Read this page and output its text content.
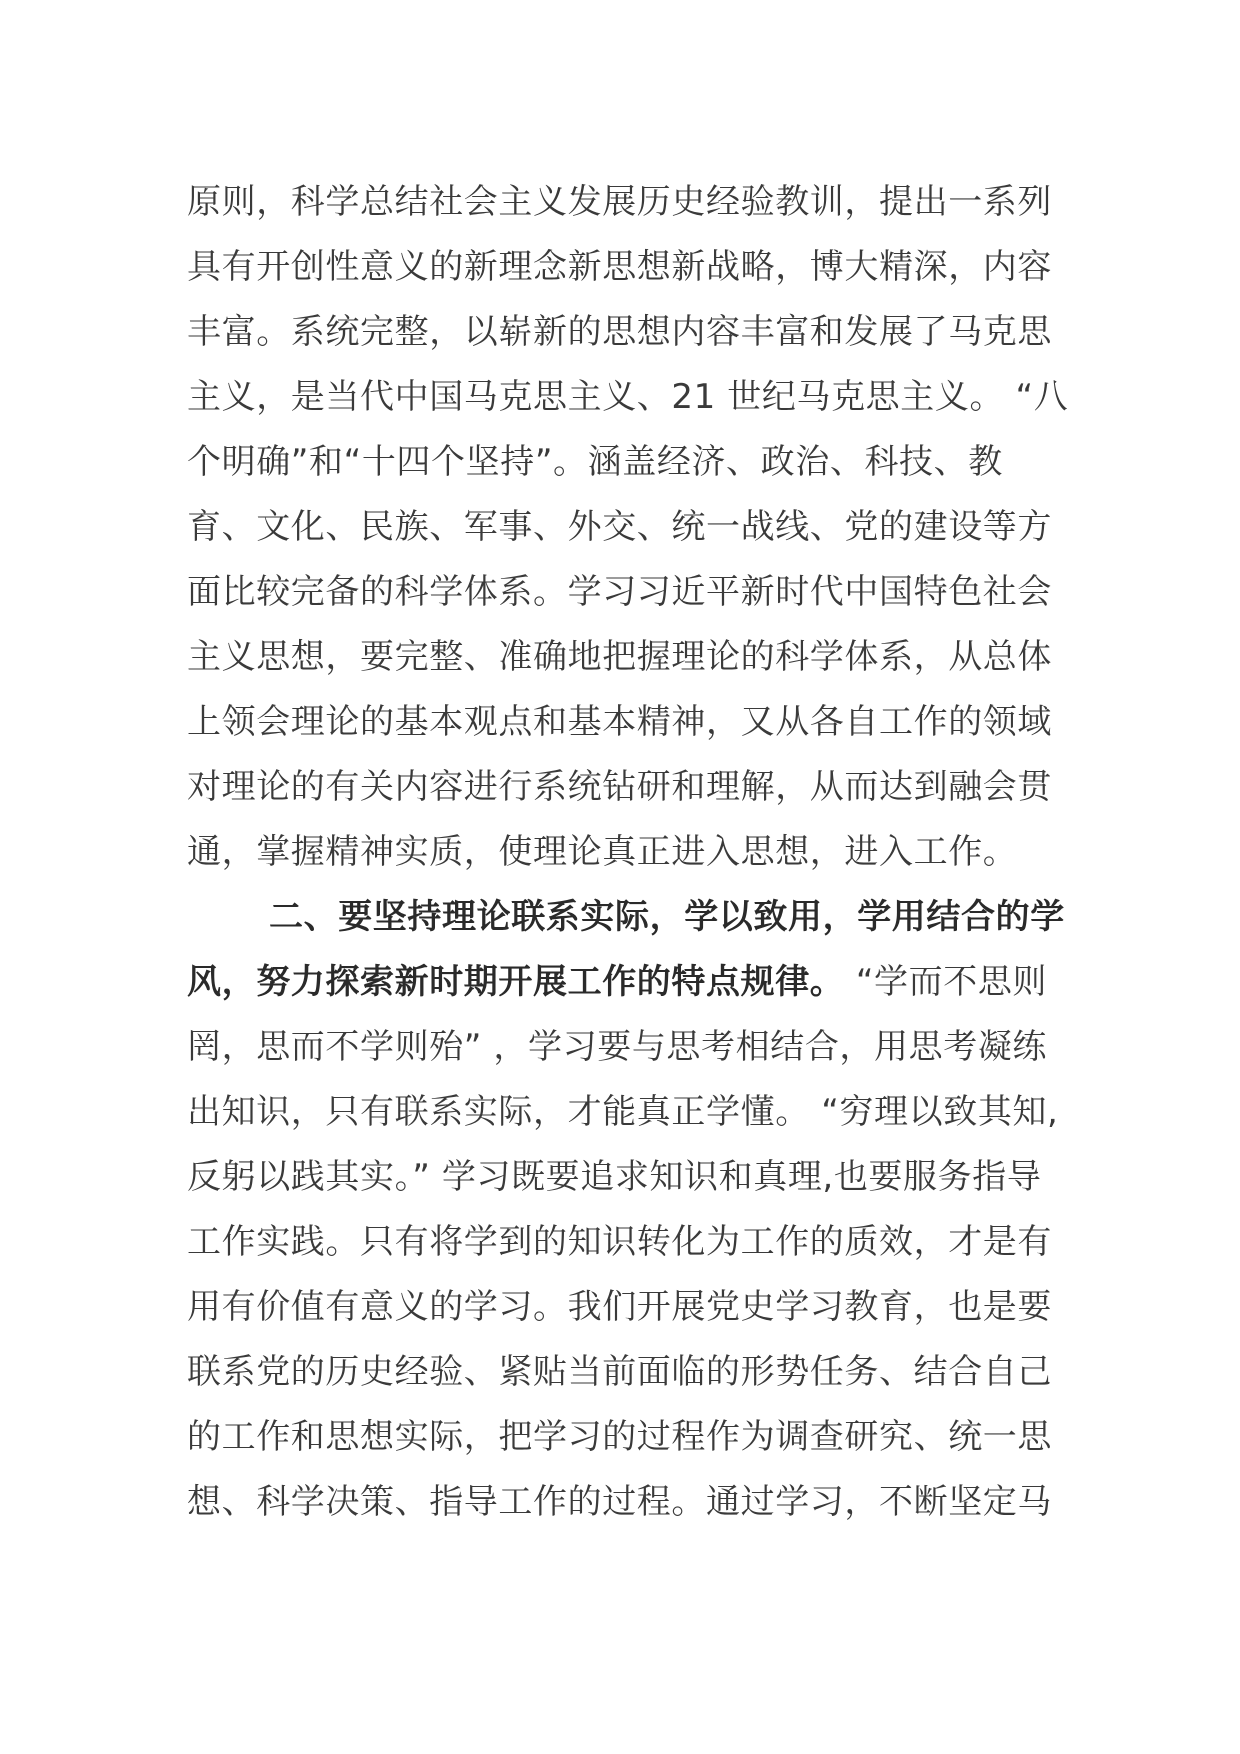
原则，科学总结社会主义发展历史经验教训，提出一系列
具有开创性意义的新理念新思想新战略，博大精深，内容
丰富。系统完整，以崭新的思想内容丰富和发展了马克思
主义，是当代中国马克思主义、21 世纪马克思主义。 “八
个明确”和“十四个坚持”。涵盖经济、政治、科技、教
育、文化、民族、军事、外交、统一战线、党的建设等方
面比较完备的科学体系。学习习近平新时代中国特色社会
主义思想，要完整、准确地把握理论的科学体系，从总体
上领会理论的基本观点和基本精神，又从各自工作的领域
对理论的有关内容进行系统钻研和理解，从而达到融会贯
通，掌握精神实质，使理论真正进入思想，进入工作。
二、要坚持理论联系实际，学以致用，学用结合的学
风，努力探索新时期开展工作的特点规律。 “学而不思则
罔，思而不学则殆” ，学习要与思考相结合，用思考凝练
出知识，只有联系实际，才能真正学懂。 “穷理以致其知,
反躬以践其实。” 学习既要追求知识和真理,也要服务指导
工作实践。只有将学到的知识转化为工作的质效，才是有
用有价值有意义的学习。我们开展党史学习教育，也是要
联系党的历史经验、紧贴当前面临的形势任务、结合自己
的工作和思想实际，把学习的过程作为调查研究、统一思
想、科学决策、指导工作的过程。通过学习，不断坚定马
